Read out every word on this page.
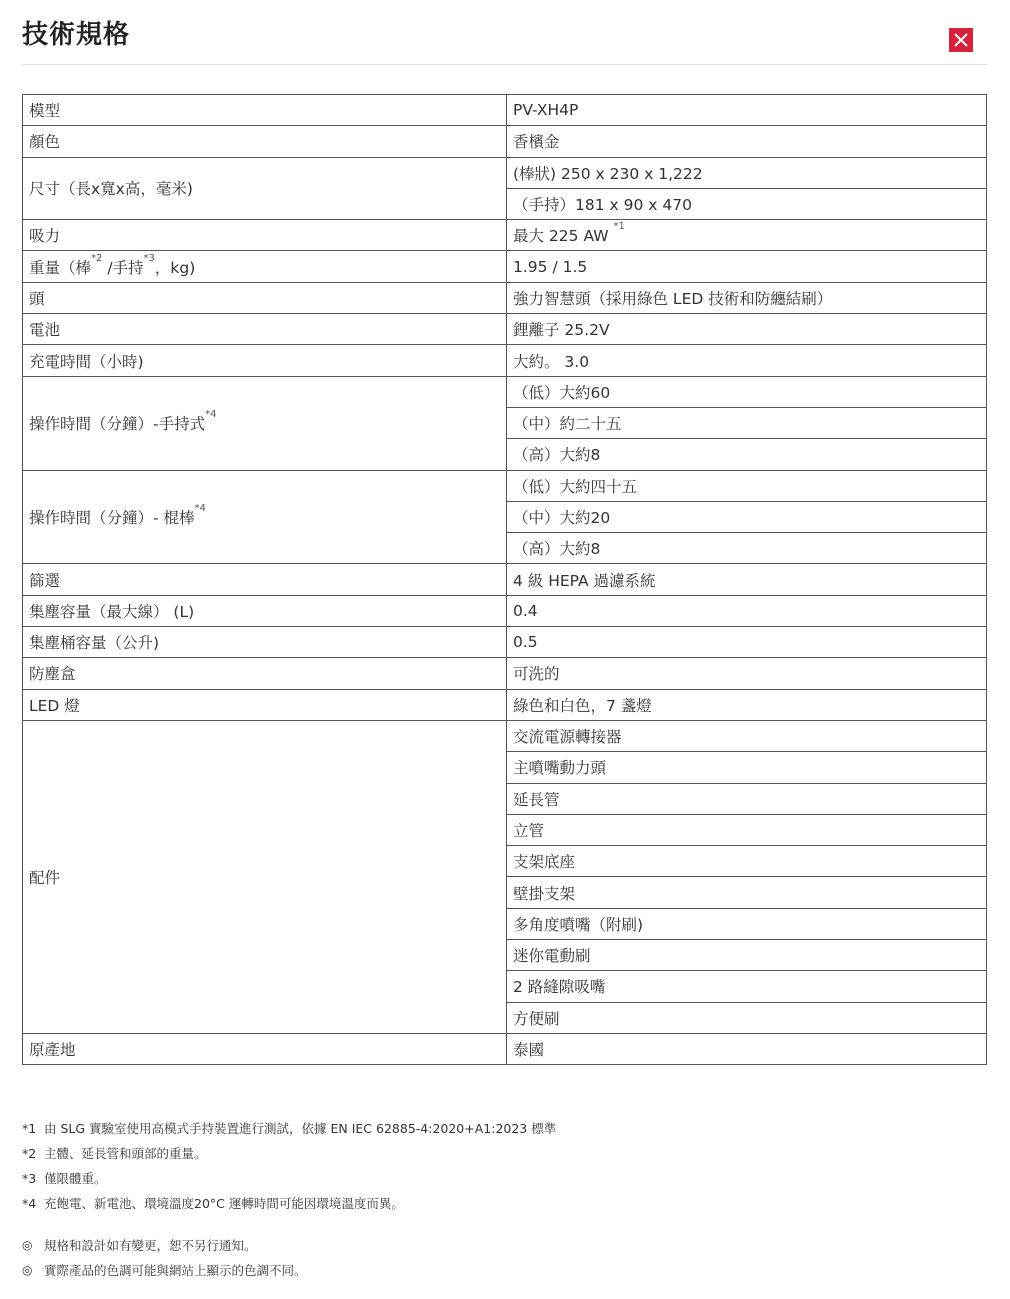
技術規格
模型	PV-XH4P
顏色	香檳金
尺寸（長x寬x高，毫米)	(棒狀) 250 x 230 x 1,222
	（手持）181 x 90 x 470
吸力	最大 225 AW $^{*1}$
重量（棒$^{*2}$ /手持$^{*3}$，kg)	1.95 / 1.5
頭	強力智慧頭（採用綠色 LED 技術和防纏結刷）
電池	鋰離子 25.2V
充電時間（小時)	大約。 3.0
操作時間（分鐘）-手持式$^{*4}$	（低）大約60
	（中）約二十五
	（高）大約8
操作時間（分鐘）- 棍棒$^{*4}$	（低）大約四十五
	（中）大約20
	（高）大約8
篩選	4 級 HEPA 過濾系統
集塵容量（最大線） (L)	0.4
集塵桶容量（公升)	0.5
防塵盒	可洗的
LED 燈	綠色和白色，7 盞燈
配件	交流電源轉接器
	主噴嘴動力頭
	延長管
	立管
	支架底座
	壁掛支架
	多角度噴嘴（附刷)
	迷你電動刷
	2 路縫隙吸嘴
	方便刷
原產地	泰國
*1 由 SLG 實驗室使用高模式手持裝置進行測試，依據 EN IEC 62885-4:2020+A1:2023 標準
*2 主體、延長管和頭部的重量。
*3 僅限體重。
*4 充飽電、新電池、環境溫度20°C 運轉時間可能因環境溫度而異。
◎ 規格和設計如有變更，恕不另行通知。
◎ 實際產品的色調可能與網站上顯示的色調不同。
